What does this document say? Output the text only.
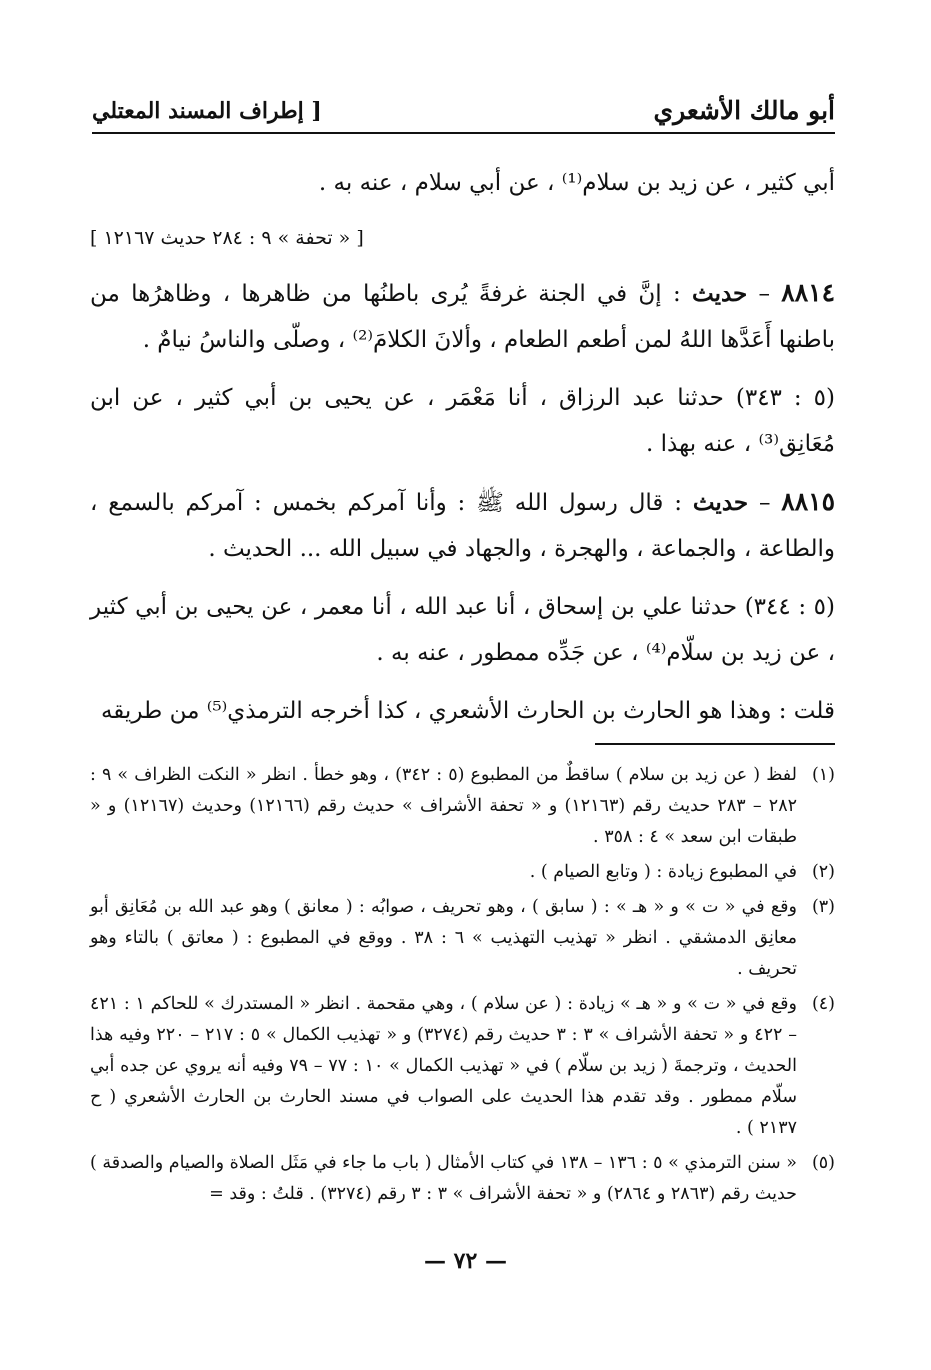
أبو مالك الأشعري
[ إطراف المسند المعتلي

أبي كثير ، عن زيد بن سلام⁽¹⁾ ، عن أبي سلام ، عنه به .

[ « تحفة » ٩ : ٢٨٤ حديث ١٢١٦٧ ]

٨٨١٤ – حديث : إنَّ في الجنة غرفةً يُرى باطنُها من ظاهرها ، وظاهرُها من باطنها أَعَدَّها اللهُ لمن أطعم الطعام ، وألانَ الكلامَ⁽²⁾ ، وصلّى والناسُ نيامٌ .

(٥ : ٣٤٣) حدثنا عبد الرزاق ، أنا مَعْمَر ، عن يحيى بن أبي كثير ، عن ابن مُعَانِق⁽³⁾ ، عنه بهذا .

٨٨١٥ – حديث : قال رسول الله ﷺ : وأنا آمركم بخمس : آمركم بالسمع ، والطاعة ، والجماعة ، والهجرة ، والجهاد في سبيل الله ... الحديث .

(٥ : ٣٤٤) حدثنا علي بن إسحاق ، أنا عبد الله ، أنا معمر ، عن يحيى بن أبي كثير ، عن زيد بن سلّام⁽⁴⁾ ، عن جَدِّه ممطور ، عنه به .

قلت : وهذا هو الحارث بن الحارث الأشعري ، كذا أخرجه الترمذي⁽⁵⁾ من طريقه

(١)
لفظ ( عن زيد بن سلام ) ساقطٌ من المطبوع (٥ : ٣٤٢) ، وهو خطأ . انظر « النكت الظراف » ٩ : ٢٨٢ – ٢٨٣ حديث رقم (١٢١٦٣) و « تحفة الأشراف » حديث رقم (١٢١٦٦) وحديث (١٢١٦٧) و « طبقات ابن سعد » ٤ : ٣٥٨ .
(٢)
في المطبوع زيادة : ( وتابع الصيام ) .
(٣)
وقع في « ت » و « هـ » : ( سابق ) ، وهو تحريف ، صوابُه : ( معانق ) وهو عبد الله بن مُعَانِق أبو معانِق الدمشقي . انظر « تهذيب التهذيب » ٦ : ٣٨ . ووقع في المطبوع : ( معاتق ) بالتاء وهو تحريف .
(٤)
وقع في « ت » و « هـ » زيادة : ( عن سلام ) ، وهي مقحمة . انظر « المستدرك » للحاكم ١ : ٤٢١ – ٤٢٢ و « تحفة الأشراف » ٣ : ٣ حديث رقم (٣٢٧٤) و « تهذيب الكمال » ٥ : ٢١٧ – ٢٢٠ وفيه هذا الحديث ، وترجمةَ ( زيد بن سلّام ) في « تهذيب الكمال » ١٠ : ٧٧ – ٧٩ وفيه أنه يروي عن جده أبي سلّام ممطور . وقد تقدم هذا الحديث على الصواب في مسند الحارث بن الحارث الأشعري ( ح ٢١٣٧ ) .
(٥)
« سنن الترمذي » ٥ : ١٣٦ – ١٣٨ في كتاب الأمثال ( باب ما جاء في مَثَل الصلاة والصيام والصدقة ) حديث رقم (٢٨٦٣ و ٢٨٦٤) و « تحفة الأشراف » ٣ : ٣ رقم (٣٢٧٤) . قلتُ : وقد =
— ٧٢ —
